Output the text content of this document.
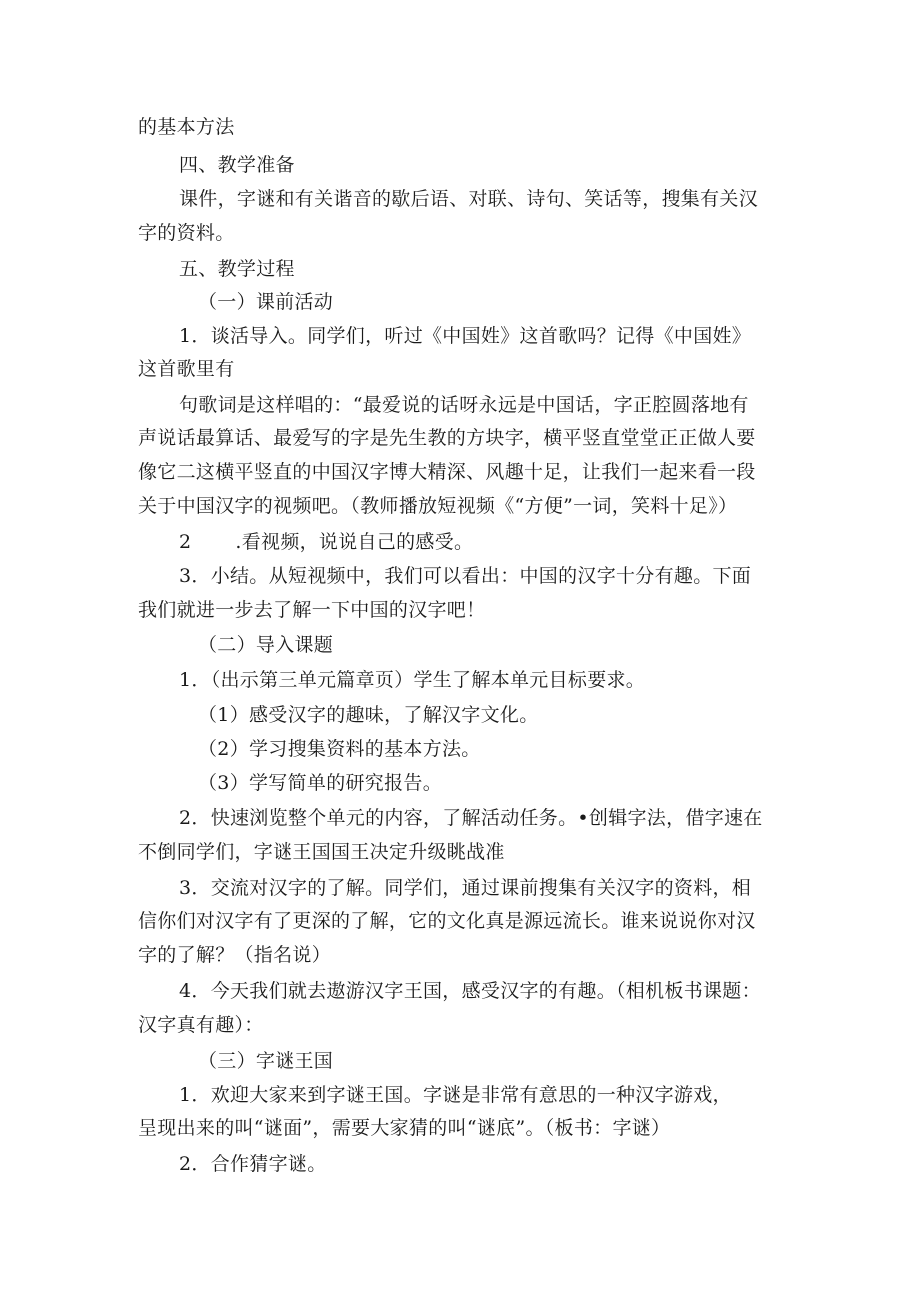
的基本方法
四、教学准备
课件，字谜和有关谐音的歇后语、对联、诗句、笑话等，搜集有关汉
字的资料。
五、教学过程
（一）课前活动
1．谈活导入。同学们，听过《中国姓》这首歌吗？记得《中国姓》
这首歌里有
句歌词是这样唱的：“最爱说的话呀永远是中国话，字正腔圆落地有
声说话最算话、最爱写的字是先生教的方块字，横平竖直堂堂正正做人要
像它二这横平竖直的中国汉字博大精深、风趣十足，让我们一起来看一段
关于中国汉字的视频吧。（教师播放短视频《“方便”一词，笑料十足》）
2 .看视频，说说自己的感受。
3．小结。从短视频中，我们可以看出：中国的汉字十分有趣。下面
我们就进一步去了解一下中国的汉字吧！
（二）导入课题
1．（出示第三单元篇章页）学生了解本单元目标要求。
（1）感受汉字的趣味，了解汉字文化。
（2）学习搜集资料的基本方法。
（3）学写简单的研究报告。
2．快速浏览整个单元的内容，了解活动任务。•创辑字法，借字速在
不倒同学们，字谜王国国王决定升级眺战准
3．交流对汉字的了解。同学们，通过课前搜集有关汉字的资料，相
信你们对汉字有了更深的了解，它的文化真是源远流长。谁来说说你对汉
字的了解？（指名说）
4．今天我们就去遨游汉字王国，感受汉字的有趣。（相机板书课题：
汉字真有趣）：
（三）字谜王国
1．欢迎大家来到字谜王国。字谜是非常有意思的一种汉字游戏，
呈现出来的叫“谜面”，需要大家猜的叫“谜底”。（板书：字谜）
2．合作猜字谜。
